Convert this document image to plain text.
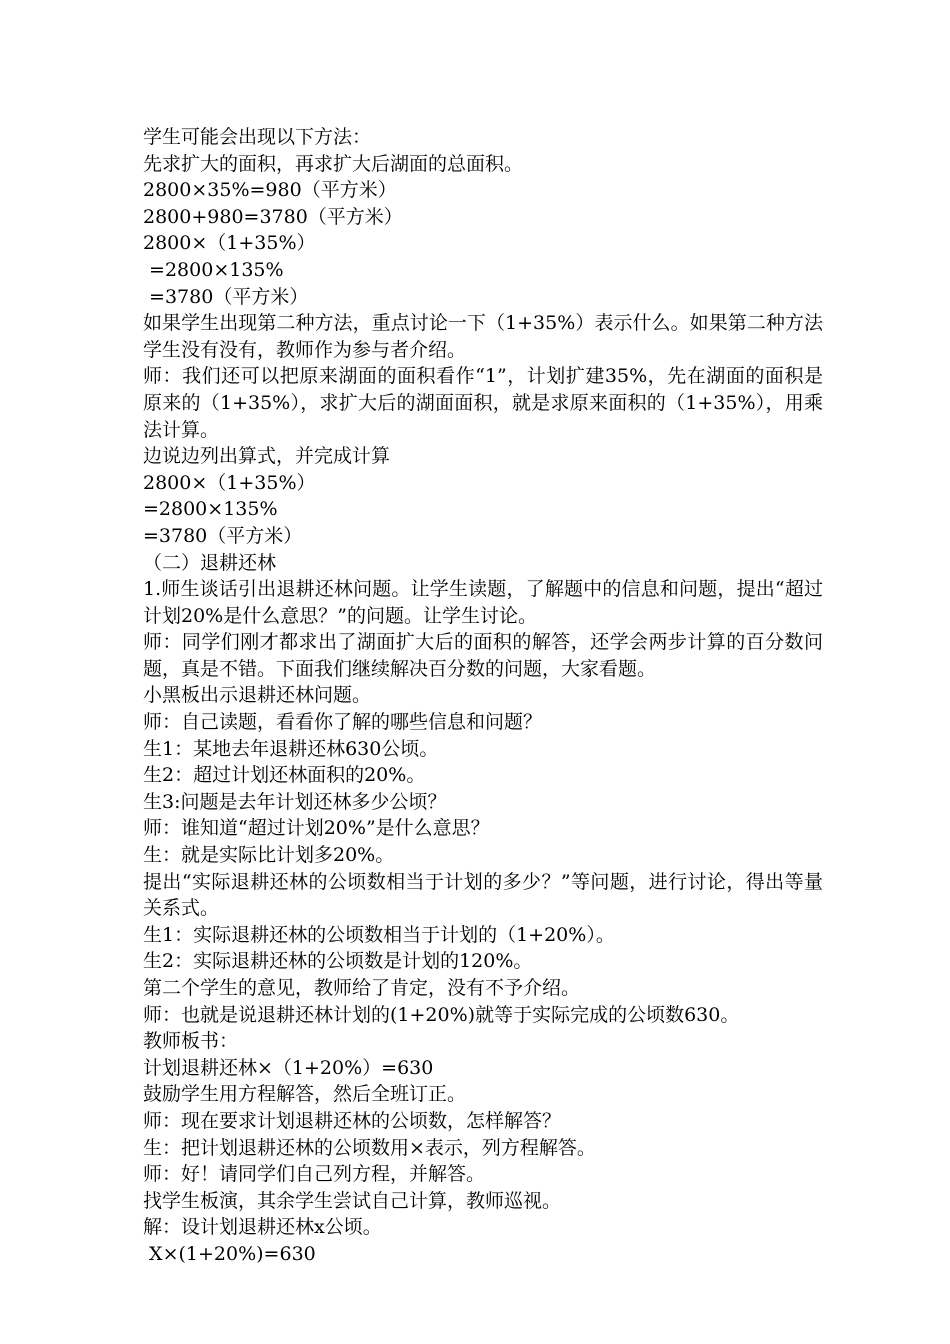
学生可能会出现以下方法：

先求扩大的面积，再求扩大后湖面的总面积。

2800×35%=980（平方米）

2800+980=3780（平方米）

2800×（1+35%）

=2800×135%

=3780（平方米）

如果学生出现第二种方法，重点讨论一下（1+35%）表示什么。如果第二种方法学生没有没有，教师作为参与者介绍。

师：我们还可以把原来湖面的面积看作“1”，计划扩建35%，先在湖面的面积是原来的（1+35%），求扩大后的湖面面积，就是求原来面积的（1+35%），用乘法计算。

边说边列出算式，并完成计算

2800×（1+35%）

=2800×135%

=3780（平方米）

（二）退耕还林

1.师生谈话引出退耕还林问题。让学生读题，了解题中的信息和问题，提出“超过计划20%是什么意思？”的问题。让学生讨论。

师：同学们刚才都求出了湖面扩大后的面积的解答，还学会两步计算的百分数问题，真是不错。下面我们继续解决百分数的问题，大家看题。

小黑板出示退耕还林问题。

师：自己读题，看看你了解的哪些信息和问题？

生1：某地去年退耕还林630公顷。

生2：超过计划还林面积的20%。

生3:问题是去年计划还林多少公顷？

师：谁知道“超过计划20%”是什么意思？

生：就是实际比计划多20%。

提出“实际退耕还林的公顷数相当于计划的多少？”等问题，进行讨论，得出等量关系式。

生1：实际退耕还林的公顷数相当于计划的（1+20%）。

生2：实际退耕还林的公顷数是计划的120%。

第二个学生的意见，教师给了肯定，没有不予介绍。

师：也就是说退耕还林计划的(1+20%)就等于实际完成的公顷数630。

教师板书：

计划退耕还林×（1+20%）=630

鼓励学生用方程解答，然后全班订正。

师：现在要求计划退耕还林的公顷数，怎样解答？

生：把计划退耕还林的公顷数用×表示，列方程解答。

师：好！请同学们自己列方程，并解答。

找学生板演，其余学生尝试自己计算，教师巡视。

解：设计划退耕还林x公顷。

X×(1+20%)=630
